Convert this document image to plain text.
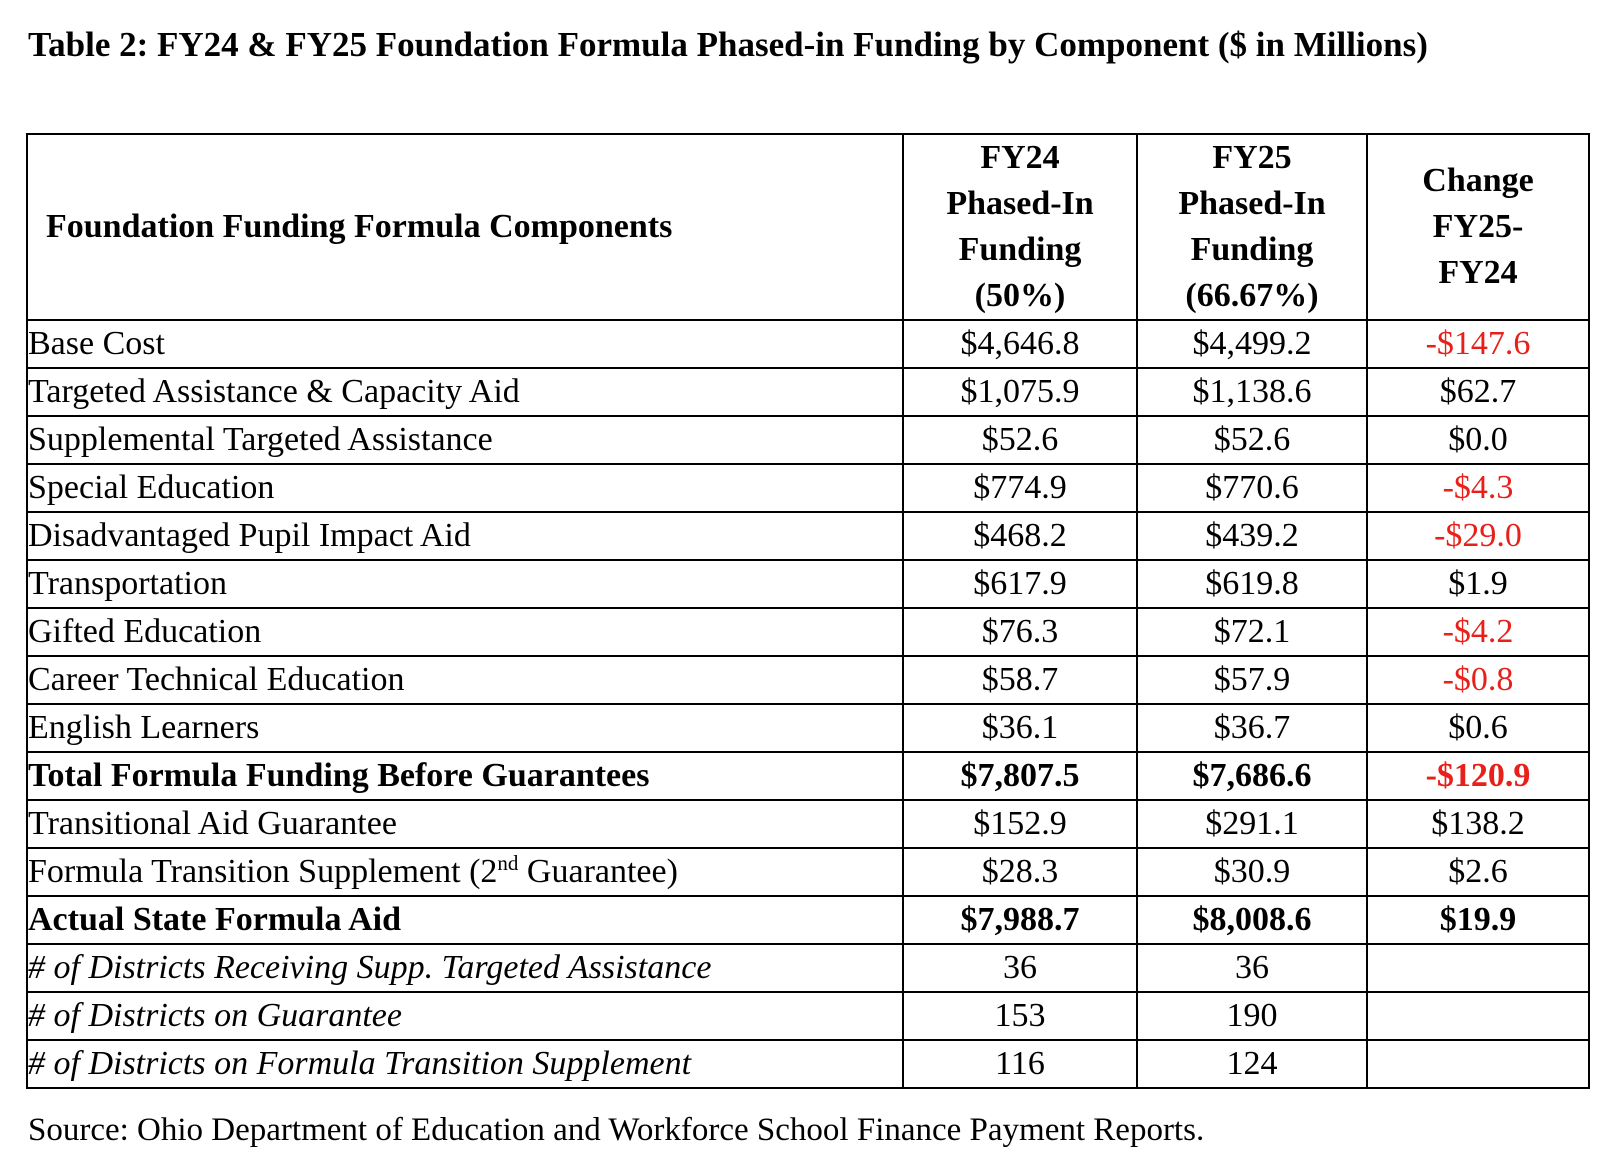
Table 2: FY24 & FY25 Foundation Formula Phased-in Funding by Component ($ in Millions)
Foundation Funding Formula Components	FY24
Phased-In
Funding
(50%)	FY25
Phased-In
Funding
(66.67%)	Change
FY25-
FY24
Base Cost	$4,646.8	$4,499.2	-$147.6
Targeted Assistance & Capacity Aid	$1,075.9	$1,138.6	$62.7
Supplemental Targeted Assistance	$52.6	$52.6	$0.0
Special Education	$774.9	$770.6	-$4.3
Disadvantaged Pupil Impact Aid	$468.2	$439.2	-$29.0
Transportation	$617.9	$619.8	$1.9
Gifted Education	$76.3	$72.1	-$4.2
Career Technical Education	$58.7	$57.9	-$0.8
English Learners	$36.1	$36.7	$0.6
Total Formula Funding Before Guarantees	$7,807.5	$7,686.6	-$120.9
Transitional Aid Guarantee	$152.9	$291.1	$138.2
Formula Transition Supplement (2nd Guarantee)	$28.3	$30.9	$2.6
Actual State Formula Aid	$7,988.7	$8,008.6	$19.9
# of Districts Receiving Supp. Targeted Assistance	36	36	
# of Districts on Guarantee	153	190	
# of Districts on Formula Transition Supplement	116	124	

Source: Ohio Department of Education and Workforce School Finance Payment Reports.
